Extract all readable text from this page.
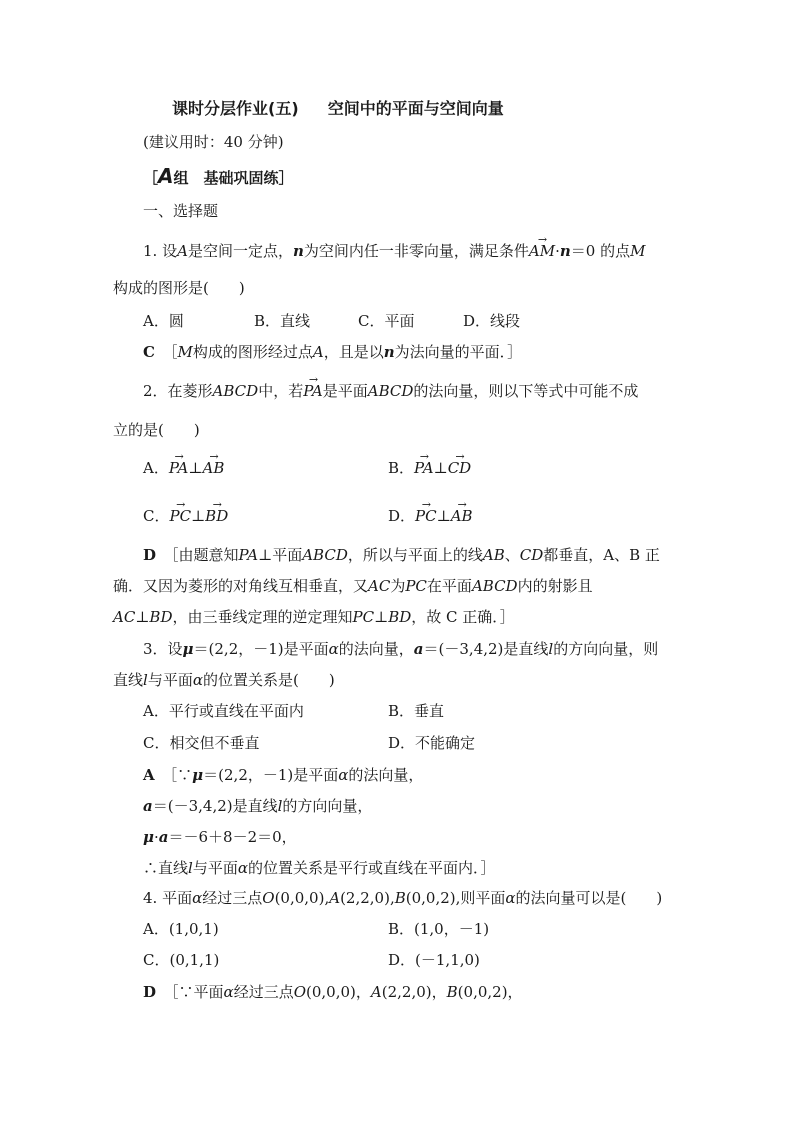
课时分层作业(五) 空间中的平面与空间向量
(建议用时：40 分钟)
［A组　基础巩固练］
一、选择题
1. 设A是空间一定点，n为空间内任一非零向量，满足条件→ AM·n＝0 的点M
构成的图形是(　　)
A．圆	B．直线	C．平面	D．线段
C　 ［M构成的图形经过点A，且是以n为法向量的平面．］
2．在菱形ABCD中，若→ PA是平面ABCD的法向量，则以下等式中可能不成
立的是(　　)
A．→ PA⊥→ AB	B．→ PA⊥→ CD
C．→ PC⊥→ BD	D．→ PC⊥→ AB
D　 ［由题意知PA⊥平面ABCD，所以与平面上的线AB、CD都垂直，A、B 正
确．又因为菱形的对角线互相垂直，又AC为PC在平面ABCD内的射影且
AC⊥BD，由三垂线定理的逆定理知PC⊥BD，故 C 正确．］
3．设μ＝(2,2，－1)是平面α的法向量，a＝(－3,4,2)是直线l的方向向量，则
直线l与平面α的位置关系是(　　)
A．平行或直线在平面内	B．垂直
C．相交但不垂直	D．不能确定
A　 ［∵μ＝(2,2，－1)是平面α的法向量，
a＝(－3,4,2)是直线l的方向向量，
μ·a＝－6＋8－2＝0，
∴直线l与平面α的位置关系是平行或直线在平面内．］
4. 平面α经过三点O(0,0,0),A(2,2,0),B(0,0,2),则平面α的法向量可以是(　　)
A．(1,0,1)	B．(1,0，－1)
C．(0,1,1)	D．(－1,1,0)
D　 ［∵平面α经过三点O(0,0,0)，A(2,2,0)，B(0,0,2)，
